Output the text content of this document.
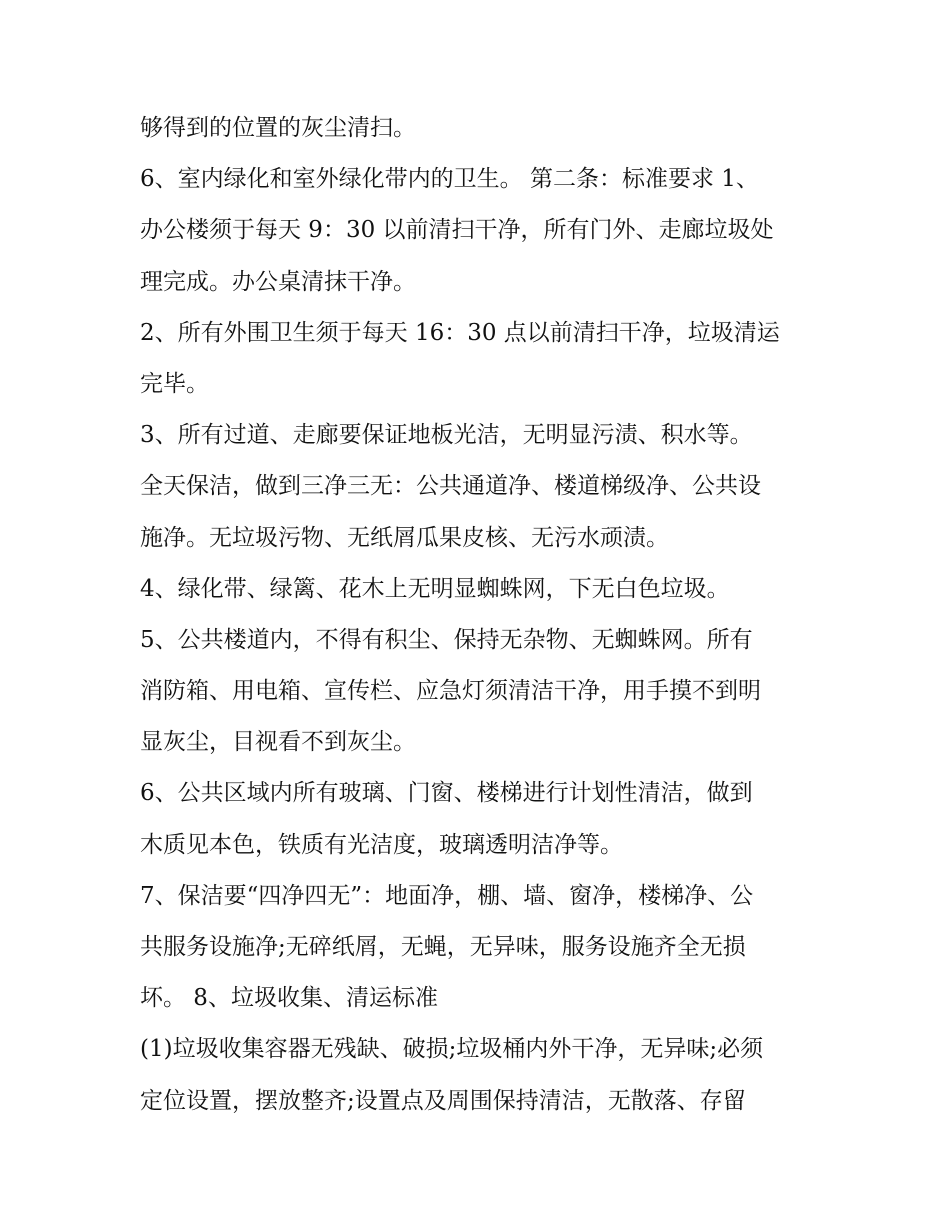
够得到的位置的灰尘清扫。
6、室内绿化和室外绿化带内的卫生。 第二条：标准要求 1、
办公楼须于每天 9：30 以前清扫干净，所有门外、走廊垃圾处
理完成。办公桌清抹干净。
2、所有外围卫生须于每天 16：30 点以前清扫干净，垃圾清运
完毕。
3、所有过道、走廊要保证地板光洁，无明显污渍、积水等。
全天保洁，做到三净三无：公共通道净、楼道梯级净、公共设
施净。无垃圾污物、无纸屑瓜果皮核、无污水顽渍。
4、绿化带、绿篱、花木上无明显蜘蛛网，下无白色垃圾。
5、公共楼道内，不得有积尘、保持无杂物、无蜘蛛网。所有
消防箱、用电箱、宣传栏、应急灯须清洁干净，用手摸不到明
显灰尘，目视看不到灰尘。
6、公共区域内所有玻璃、门窗、楼梯进行计划性清洁，做到
木质见本色，铁质有光洁度，玻璃透明洁净等。
7、保洁要“四净四无”：地面净，棚、墙、窗净，楼梯净、公
共服务设施净;无碎纸屑，无蝇，无异味，服务设施齐全无损
坏。 8、垃圾收集、清运标准
(1)垃圾收集容器无残缺、破损;垃圾桶内外干净，无异味;必须
定位设置，摆放整齐;设置点及周围保持清洁，无散落、存留
